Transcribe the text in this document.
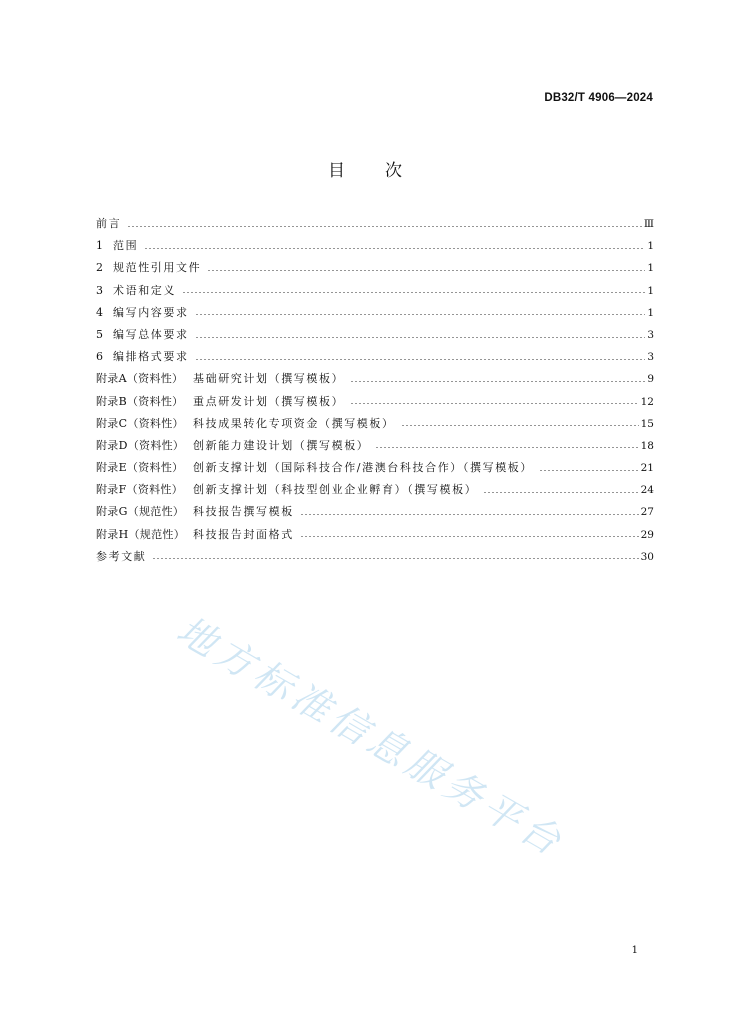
DB32/T 4906—2024
目次
前言	Ⅲ
1 范围	1
2 规范性引用文件	1
3 术语和定义	1
4 编写内容要求	1
5 编写总体要求	3
6 编排格式要求	3
附录A（资料性） 基础研究计划（撰写模板）	9
附录B（资料性） 重点研发计划（撰写模板）	12
附录C（资料性） 科技成果转化专项资金（撰写模板）	15
附录D（资料性） 创新能力建设计划（撰写模板）	18
附录E（资料性） 创新支撑计划（国际科技合作/港澳台科技合作）（撰写模板）	21
附录F（资料性） 创新支撑计划（科技型创业企业孵育）（撰写模板）	24
附录G（规范性） 科技报告撰写模板	27
附录H（规范性） 科技报告封面格式	29
参考文献	30
地方标准信息服务平台
1
